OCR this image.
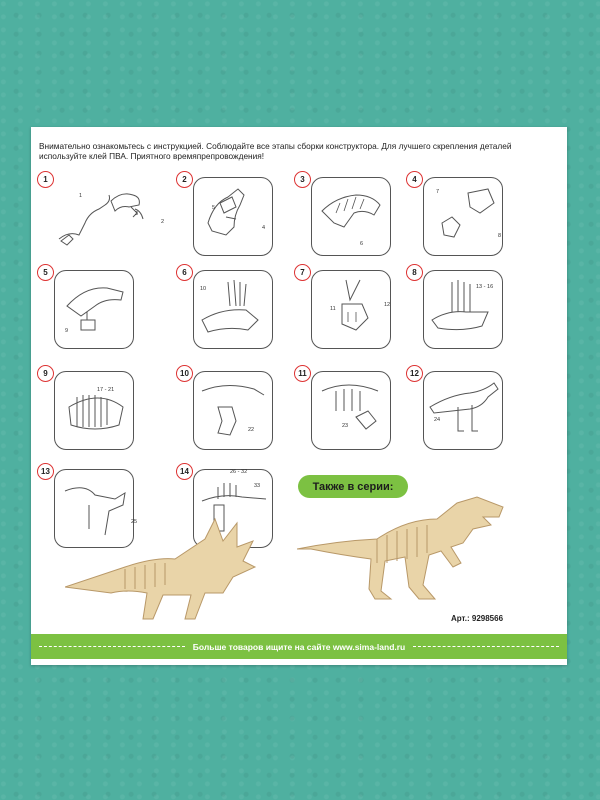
Внимательно ознакомьтесь с инструкцией. Соблюдайте все этапы сборки конструктора. Для лучшего скрепления деталей используйте клей ПВА. Приятного времяпрепровождения!
1
1
3
2
2
5
4
3
6
4
7
8
5
9
6
10
7
11
12
8
13 - 16
9
17 - 21
10
22
11
23
12
24
13
25
14	26 - 32
33	Также в серии:
Арт.: 9298566
Больше товаров ищите на сайте www.sima-land.ru
